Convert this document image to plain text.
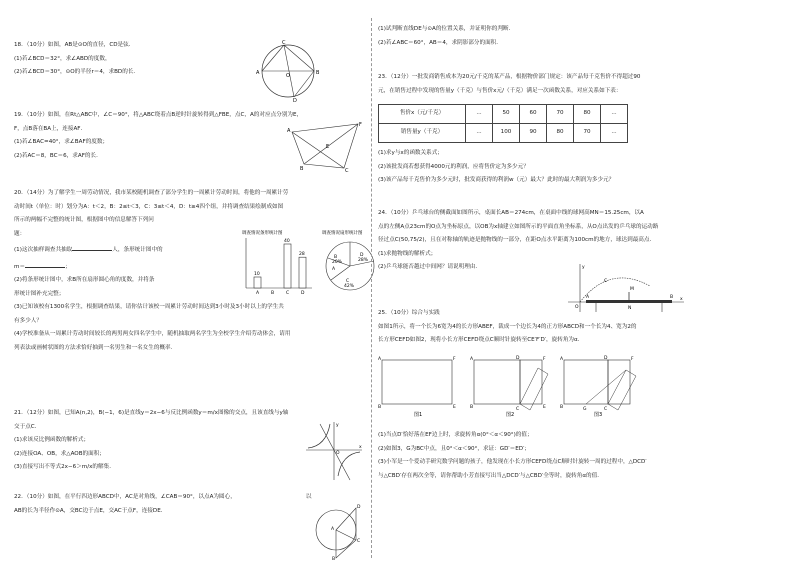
18．（10分）如图，AB是⊙O的直径，CD是弦．

(1)若∠BCD＝32°，求∠ABD的度数，

(2)若∠BCD＝30°，⊙O的半径r＝4，求BD的长．	A	B
C
D
O

19．（10分）如图，在Rt△ABC中，∠C＝90°，将△ABC绕着点B逆时针旋转得到△FBE，点C，A的对应点分别为E，

F，点B落在BA上，连接AF．

(1)若∠BAC=40°，求∠BAF的度数；

(2)若AC＝8，BC＝6，求AF的长．

A
F
C
B
E

20．（14分）为了解学生一周劳动情况，我市某校随机调查了部分学生的一周累计劳动时间，将他的一周累计劳

动时间t（单位：时）划分为A：t＜2，B：2≤t＜3，C：3≤t＜4，D：t≥4四个组，并将调查结果绘制成如图

所示的两幅不完整的统计图，根据图中的信息解答下列问

题：

(1)这次抽样调查共抽取	人，条形统计图中的

m＝	；

(2)将条形统计图中，求B所在扇形圆心角的度数，并将条

形统计图补充完整；

(3)已知该校有1300名学生，根据调查结果，请你估计该校一周累计劳动时间达到3小时及3小时以上的学生共

有多少人？

(4)学校准备从一周累计劳动时间较长的两男两女四名学生中，随机抽取两名学生为全校学生介绍劳动体会，请用

列表法或画树状图的方法求恰好抽到一名男生和一名女生的概率.

调查情况条形统计图
10
A	B
40
C
28
D
调查情况扇形统计图
B
20%
D
28%
C
42%
A

21．（12分）如图，已知A(n,2)，B(−1，6)是直线y＝2x−6与反比例函数y＝m/x图像的交点，且该直线与y轴

交于点C．

(1)求该反比例函数的解析式；

(2)连接OA、OB，求△AOB的面积；

(3)直接写出不等式2x−6＞m/x的解集．

y
x
O

22．（10分）如图，在平行四边形ABCD中，AC是对角线，∠CAB＝90°，以点A为圆心，	以

AB的长为半径作⊙A，交BC边于点E，交AC于点F，连接DE．

A
D
C
B

(1)试判断直线DE与⊙A的位置关系，并证明你的判断．

(2)若∠ABC＝60°，AB＝4，求阴影部分的面积．

23．（12分）一批发商销售成本为20元/千克的某产品，根据物价部门规定：该产品每千克售价不得超过90

元，在销售过程中发现的售量y（千克）与售价x元/（千克）满足一次函数关系，对应关系如下表：

售价x（元/千克）	...	50	60	70	80	...
销售量y（千克）	...	100	90	80	70	...

(1)求y与x的函数关系式；

(2)该批发商若想获得4000元的利润，应将售价定为多少元？

(3)该产品每千克售价为多少元时，批发商获得的利润w（元）最大？此时的最大利润为多少元？

24．（10分）乒乓球台的侧截面如图所示，桌面长AB＝274cm，在桌面中线的球网高MN＝15.25cm，以A

点的左侧A点23cm的O点为坐标原点，以OB为x轴建立如图所示的平面直角坐标系，从O点出发的乒乓球的运动路

径过点C(50,75/2)，且在对称轴的轨迹是抛物线的一部分，在距O点水平距离为100cm的地方，球达到最高点．

(1)求抛物线的解析式；

(2)乒乓球能否越过中间网？请说明理由．	y
x
O
A	B
M
C
N

25．（10分）综合与实践

如图1所示，将一个长为6宽为4的长方形ABEF，裁成一个边长为4的正方形ABCD和一个长为4、宽为2的

长方形CEFD如图2，现将小长方形CEFD绕点C顺时针旋转至CE′F′D′，旋转角为α．

A	F
B	E
图1
A	D
B	C
F
E
图2
A	D
B	C
G
F
图3

(1)当点D′恰好落在EF边上时，求旋转角α(0°＜α＜90°)的值；

(2)如图3，G为BC中点，且0°＜α＜90°，求证：GD′＝ED′；

(3)小军是一个爱动手研究数学问题的孩子，他发现在小长方形CEFD绕点C顺时针旋转一周的过程中，△DCD′

与△CBD′存在两次全等，请你帮助小芳直接写出当△DCD′与△CBD′全等时，旋转角α的值．
